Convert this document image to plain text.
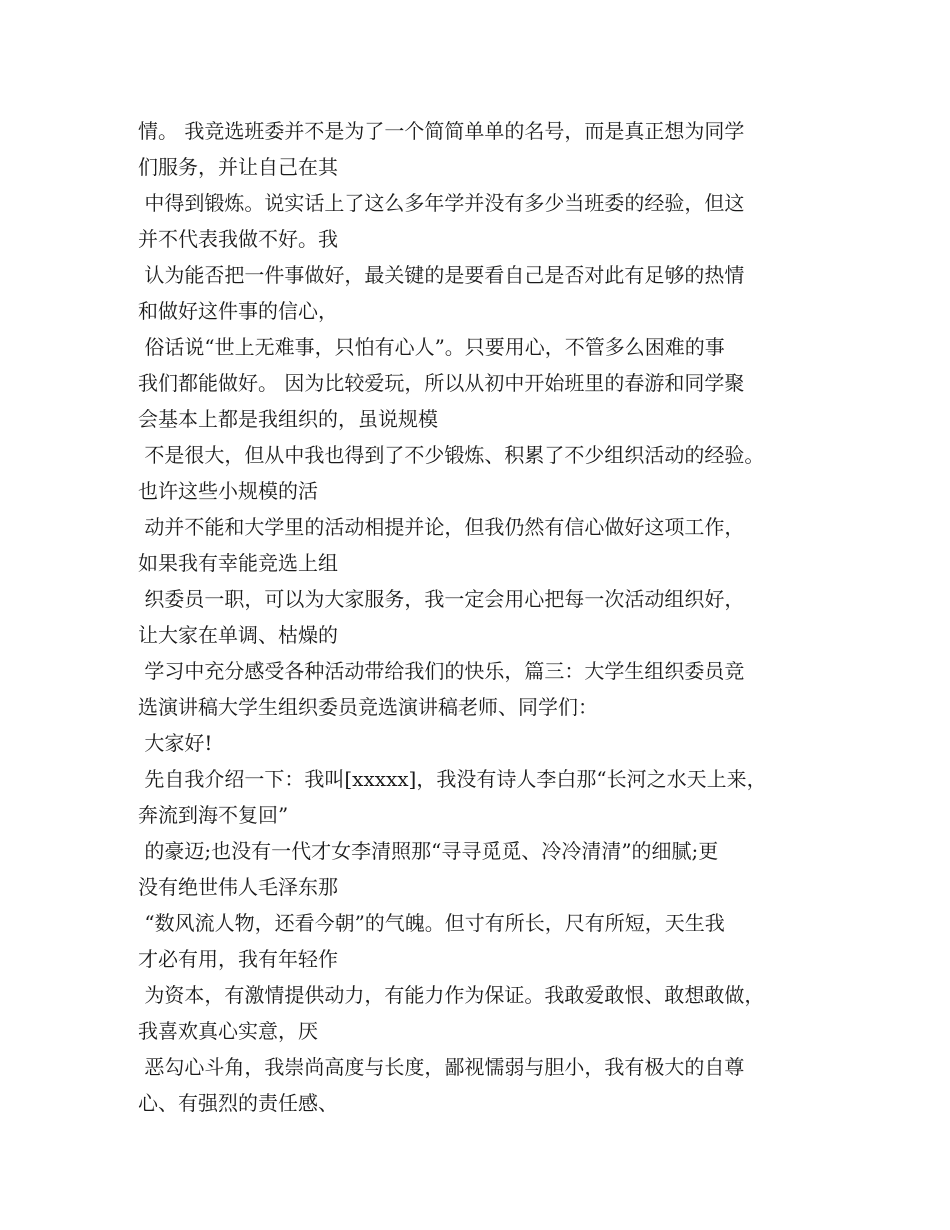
情。 我竞选班委并不是为了一个简简单单的名号，而是真正想为同学
们服务，并让自己在其
中得到锻炼。说实话上了这么多年学并没有多少当班委的经验，但这
并不代表我做不好。我
认为能否把一件事做好，最关键的是要看自己是否对此有足够的热情
和做好这件事的信心，
俗话说“世上无难事，只怕有心人”。只要用心，不管多么困难的事
我们都能做好。 因为比较爱玩，所以从初中开始班里的春游和同学聚
会基本上都是我组织的，虽说规模
不是很大，但从中我也得到了不少锻炼、积累了不少组织活动的经验。
也许这些小规模的活
动并不能和大学里的活动相提并论，但我仍然有信心做好这项工作，
如果我有幸能竞选上组
织委员一职，可以为大家服务，我一定会用心把每一次活动组织好，
让大家在单调、枯燥的
学习中充分感受各种活动带给我们的快乐，篇三：大学生组织委员竞
选演讲稿大学生组织委员竞选演讲稿老师、同学们：
大家好!
先自我介绍一下：我叫[xxxxx]，我没有诗人李白那“长河之水天上来，
奔流到海不复回”
的豪迈;也没有一代才女李清照那“寻寻觅觅、冷冷清清”的细腻;更
没有绝世伟人毛泽东那
“数风流人物，还看今朝”的气魄。但寸有所长，尺有所短，天生我
才必有用，我有年轻作
为资本，有激情提供动力，有能力作为保证。我敢爱敢恨、敢想敢做，
我喜欢真心实意，厌
恶勾心斗角，我崇尚高度与长度，鄙视懦弱与胆小，我有极大的自尊
心、有强烈的责任感、
